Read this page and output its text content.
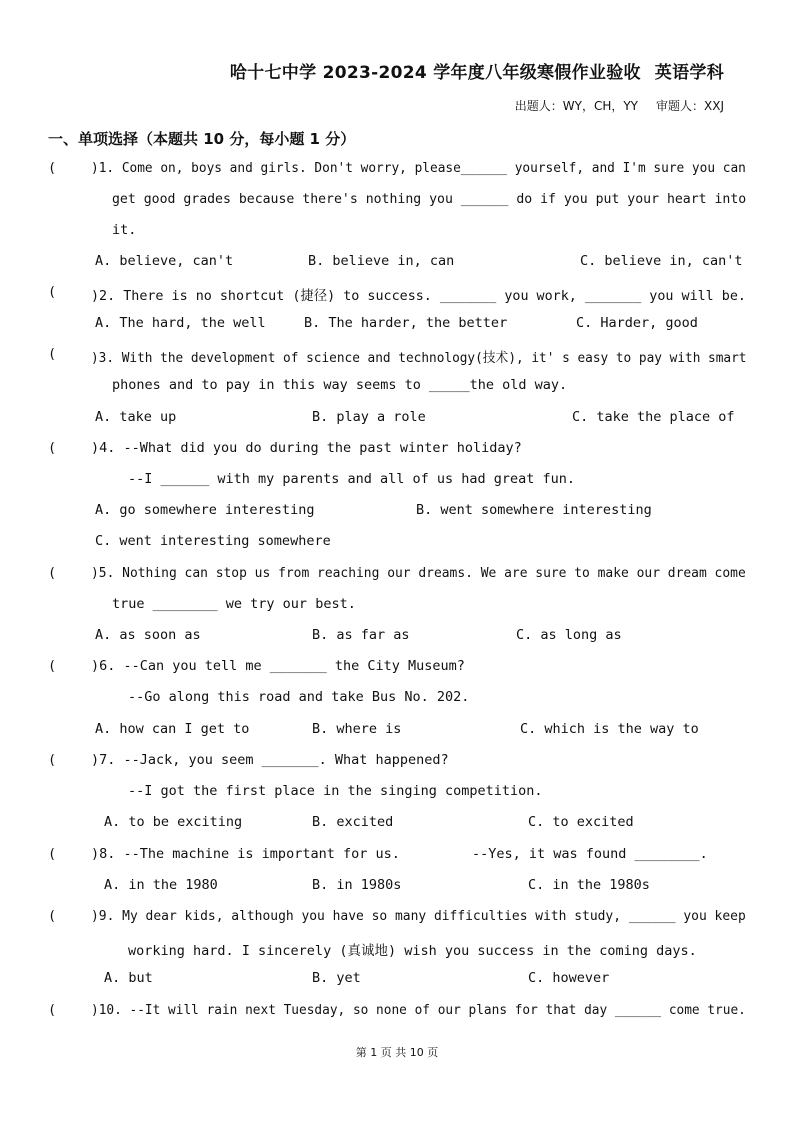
哈十七中学 2023-2024 学年度八年级寒假作业验收 英语学科
出题人：WY，CH，YY 审题人：XXJ
一、单项选择（本题共 10 分，每小题 1 分）
(	)1. Come on, boys and girls. Don't worry, please______ yourself, and I'm sure you can
get good grades because there's nothing you ______ do if you put your heart into
it.
A. believe, can't	B. believe in, can	C. believe in, can't
(	)2. There is no shortcut (捷径) to success. _______ you work, _______ you will be.
A. The hard, the well	B. The harder, the better	C. Harder, good
(	)3. With the development of science and technology(技术), it' s easy to pay with smart
phones and to pay in this way seems to _____the old way.
A. take up	B. play a role	C. take the place of
(	)4. --What did you do during the past winter holiday?
--I ______ with my parents and all of us had great fun.
A. go somewhere interesting	B. went somewhere interesting
C. went interesting somewhere
(	)5. Nothing can stop us from reaching our dreams. We are sure to make our dream come
true ________ we try our best.
A. as soon as	B. as far as	C. as long as
(	)6. --Can you tell me _______ the City Museum?
--Go along this road and take Bus No. 202.
A. how can I get to	B. where is	C. which is the way to
(	)7. --Jack, you seem _______. What happened?
--I got the first place in the singing competition.
A. to be exciting	B. excited	C. to excited
(	)8. --The machine is important for us.	--Yes, it was found ________.
A. in the 1980	B. in 1980s	C. in the 1980s
(	)9. My dear kids, although you have so many difficulties with study, ______ you keep
working hard. I sincerely (真诚地) wish you success in the coming days.
A. but	B. yet	C. however
(	)10. --It will rain next Tuesday, so none of our plans for that day ______ come true.
第 1 页 共 10 页
